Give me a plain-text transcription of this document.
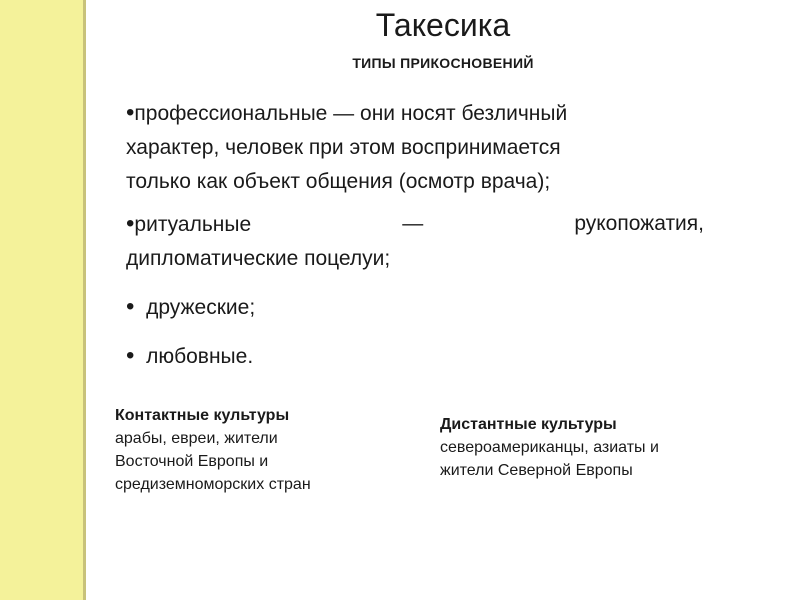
Такесика
ТИПЫ ПРИКОСНОВЕНИЙ
•профессиональные — они носят безличный
характер, человек при этом воспринимается
только как объект общения (осмотр врача);
•ритуальные	—	рукопожатия,
дипломатические поцелуи;
• дружеские;
• любовные.
Контактные культуры
арабы, евреи, жители
Восточной Европы и
средиземноморских стран
Дистантные культуры
североамериканцы, азиаты и
жители Северной Европы
